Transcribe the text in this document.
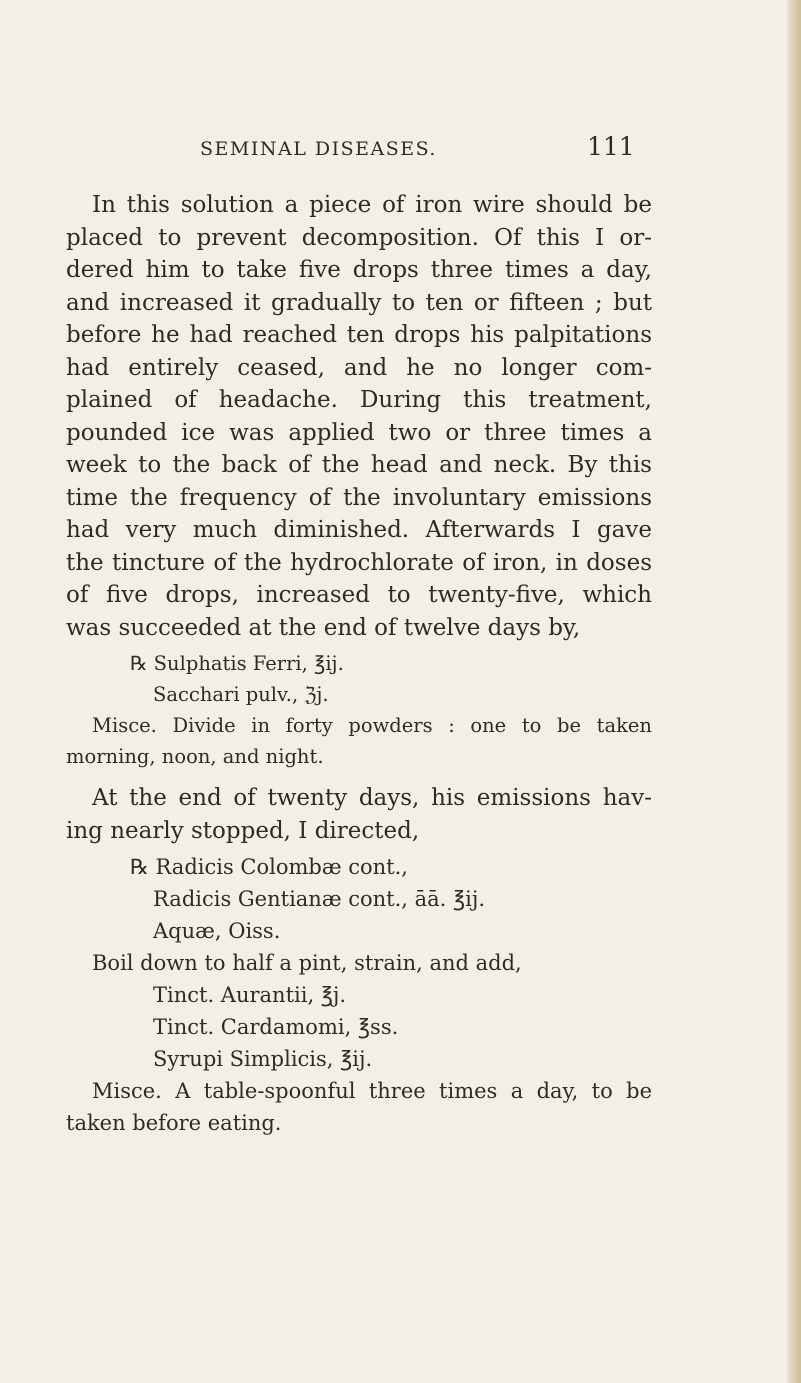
SEMINAL DISEASES.	111
In this solution a piece of iron wire should be
placed to prevent decomposition. Of this I or-
dered him to take five drops three times a day,
and increased it gradually to ten or fifteen ; but
before he had reached ten drops his palpitations
had entirely ceased, and he no longer com-
plained of headache. During this treatment,
pounded ice was applied two or three times a
week to the back of the head and neck. By this
time the frequency of the involuntary emissions
had very much diminished. Afterwards I gave
the tincture of the hydrochlorate of iron, in doses
of five drops, increased to twenty-five, which
was succeeded at the end of twelve days by,
℞ Sulphatis Ferri, ℥ij.
Sacchari pulv., ℨj.
Misce. Divide in forty powders : one to be taken
morning, noon, and night.
At the end of twenty days, his emissions hav-
ing nearly stopped, I directed,
℞ Radicis Colombæ cont.,
Radicis Gentianæ cont., āā. ℥ij.
Aquæ, Oiss.
Boil down to half a pint, strain, and add,
Tinct. Aurantii, ℥j.
Tinct. Cardamomi, ℥ss.
Syrupi Simplicis, ℥ij.
Misce. A table-spoonful three times a day, to be
taken before eating.
